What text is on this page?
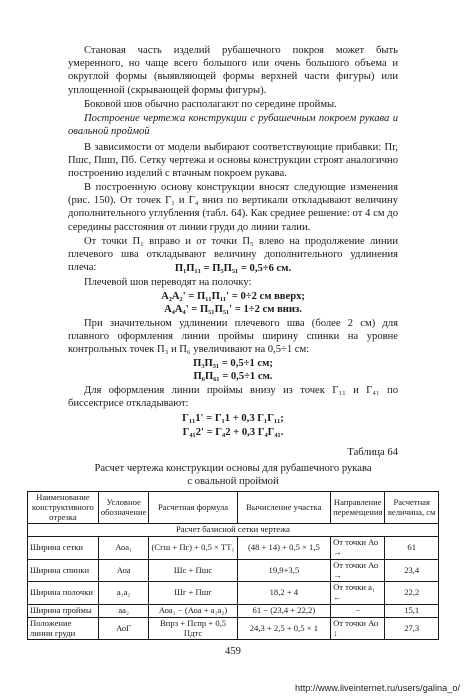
Становая часть изделий рубашечного покроя может быть умеренного, но чаще всего большого или очень большого объема и округлой формы (выявляющей формы верхней части фигуры) или уплощенной (скрывающей формы фигуры).

Боковой шов обычно располагают по середине проймы.

Построение чертежа конструкции с рубашечным покроем рукава и овальной проймой

В зависимости от модели выбирают соответствующие прибавки: Пг, Пшс, Пшп, Пб. Сетку чертежа и основы конструкции строят аналогично построению изделий с втачным покроем рукава.

В построенную основу конструкции вносят следующие изменения (рис. 150). От точек Г₁ и Г₄ вниз по вертикали откладывают величину дополнительного углубления (табл. 64). Как среднее решение: от 4 см до середины расстояния от линии груди до линии талии.

От точки П₁ вправо и от точки П₅ влево на продолжение линии плечевого шва откладывают величину дополнительного удлинения плеча:	П₁П₁₁ = П₅П₅₁ = 0,5÷6 см.

Плечевой шов переводят на полочку:

А₂А₂' = П₁₁П₁₁' = 0÷2 см вверх;
А₄А₄' = П₅₁П₅₁' = 1÷2 см вниз.

При значительном удлинении плечевого шва (более 2 см) для плавного оформления линии проймы ширину спинки на уровне контрольных точек П₃ и П₆ увеличивают на 0,5÷1 см:

П₃П₃₁ = 0,5÷1 см;
П₆П₆₁ = 0,5÷1 см.

Для оформления линии проймы внизу из точек Г₁₁ и Г₄₁ по биссектрисе откладывают:

Г₁₁1' = Г₁1 + 0,3 Г₁Г₁₁;
Г₄₁2' = Г₄2 + 0,3 Г₄Г₄₁.
Таблица 64
Расчет чертежа конструкции основы для рубашечного рукава
с овальной проймой
Наименование конструктивного отрезка	Условное обозначение	Расчетная формула	Вычисление участка	Направление перемещения	Расчетная величина, см
Расчет базисной сетки чертежа					
Ширина сетки	Аоа₁	(Сгш + Пг) + 0,5 × ТТ₁	(48 + 14) + 0,5 × 1,5	От точки Ао →	61
Ширина спинки	Аоа	Шс + Пшс	19,9+3,5	От точки Ао →	23,4
Ширина полочки	а₁а₂	Шг + Пшг	18,2 + 4	От точки а₁ ←	22,2
Ширина проймы	аа₂	Аоа₁ − (Аоа + а₁а₂)	61 − (23,4 + 22,2)	−	15,1
Положение линии груди	АоГ	Впрз + Пспр + 0,5 Пдтс	24,3 + 2,5 + 0,5 × 1	От точки Ао ↓	27,3
459
http://www.liveinternet.ru/users/galina_o/
